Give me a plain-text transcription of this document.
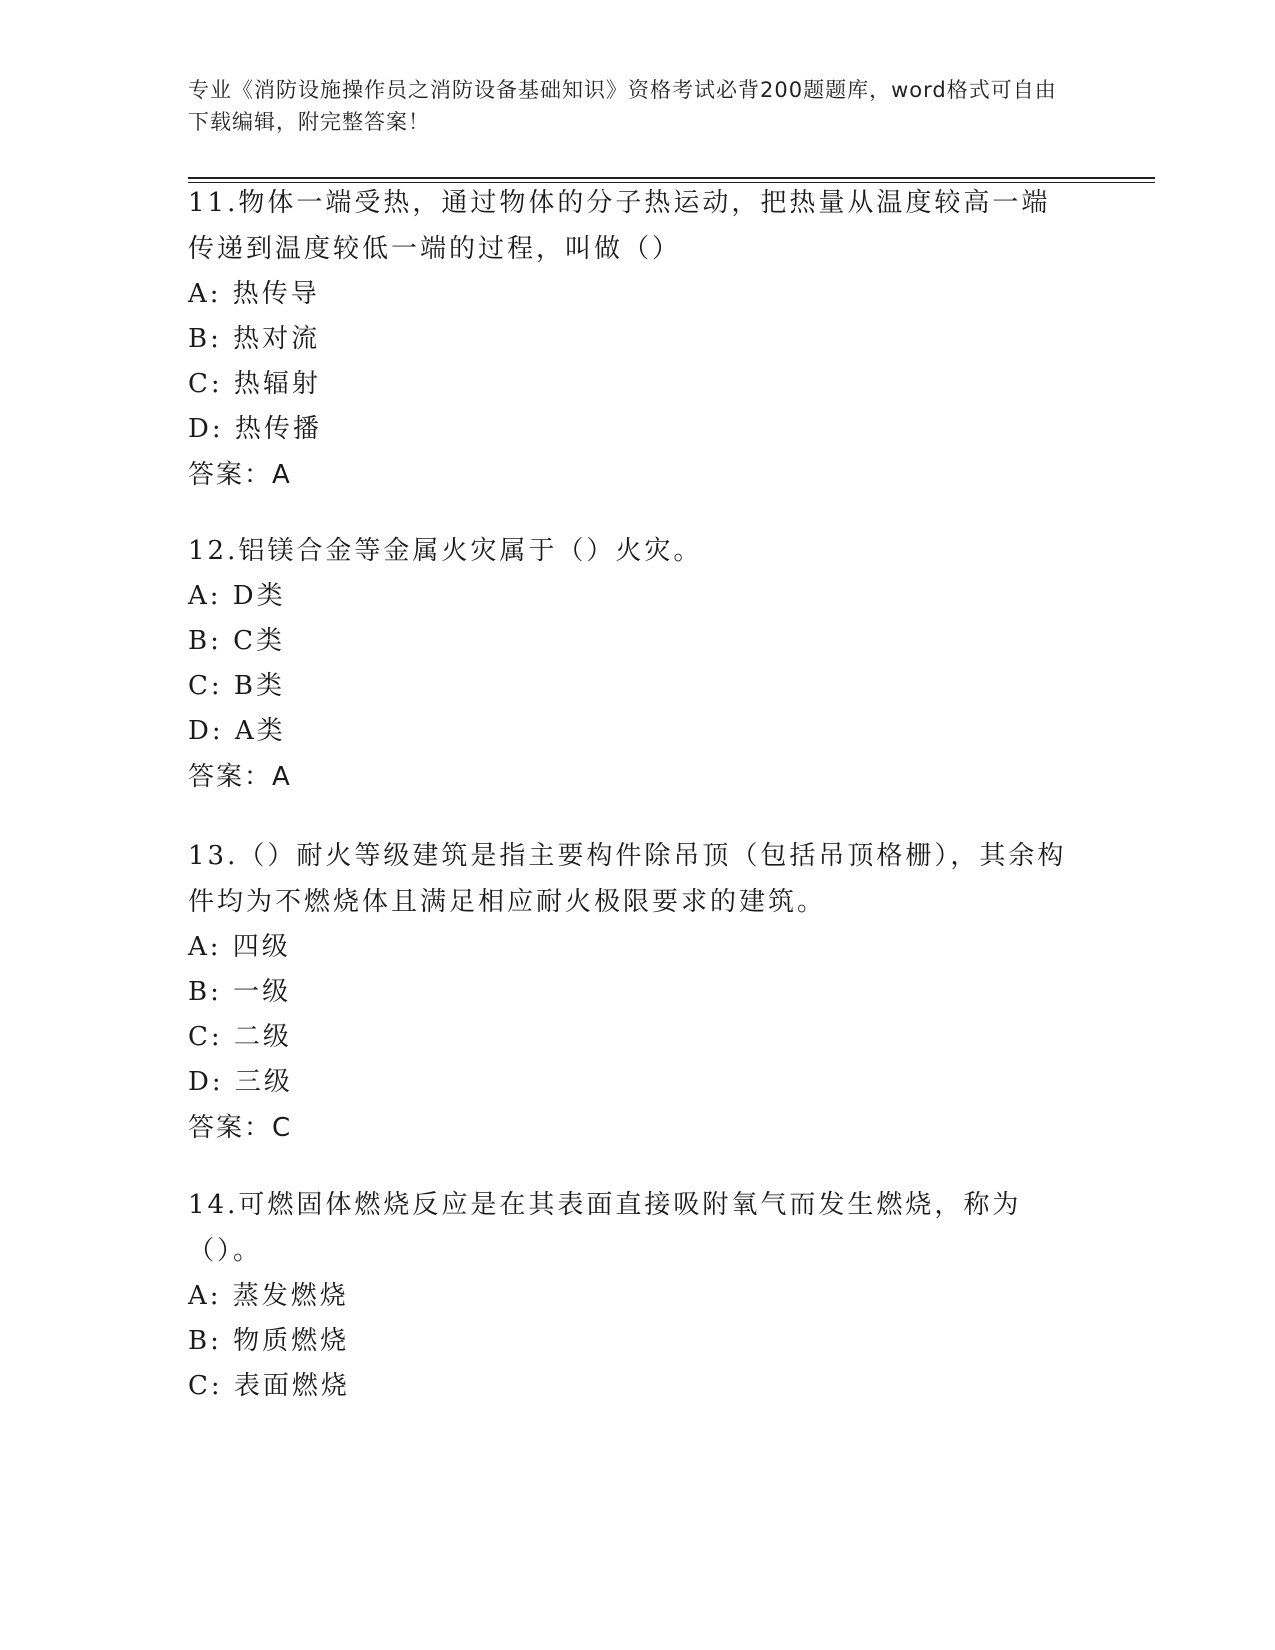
专业《消防设施操作员之消防设备基础知识》资格考试必背200题题库，word格式可自由下载编辑，附完整答案！

11.物体一端受热，通过物体的分子热运动，把热量从温度较高一端传递到温度较低一端的过程，叫做（）

A: 热传导

B: 热对流

C: 热辐射

D: 热传播

答案：A

12.铝镁合金等金属火灾属于（）火灾。

A: D类

B: C类

C: B类

D: A类

答案：A

13.（）耐火等级建筑是指主要构件除吊顶（包括吊顶格栅），其余构件均为不燃烧体且满足相应耐火极限要求的建筑。

A: 四级

B: 一级

C: 二级

D: 三级

答案：C

14.可燃固体燃烧反应是在其表面直接吸附氧气而发生燃烧，称为（）。

A: 蒸发燃烧

B: 物质燃烧

C: 表面燃烧
